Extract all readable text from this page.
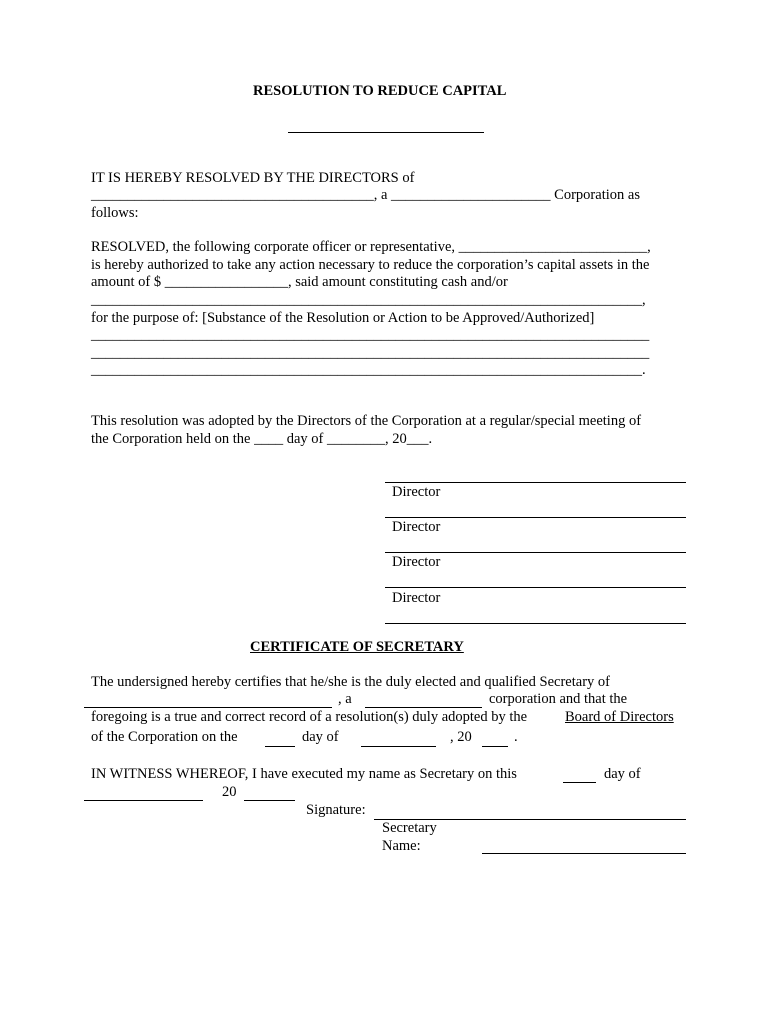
RESOLUTION TO REDUCE CAPITAL
IT IS HEREBY RESOLVED BY THE DIRECTORS of
_______________________________________, a ______________________ Corporation as
follows:
RESOLVED, the following corporate officer or representative, __________________________,
is hereby authorized to take any action necessary to reduce the corporation’s capital assets in the
amount of $ _________________, said amount constituting cash and/or
____________________________________________________________________________,
for the purpose of: [Substance of the Resolution or Action to be Approved/Authorized]
_____________________________________________________________________________
_____________________________________________________________________________
____________________________________________________________________________.
This resolution was adopted by the Directors of the Corporation at a regular/special meeting of
the Corporation held on the ____ day of ________, 20___.
Director
Director
Director
Director
CERTIFICATE OF SECRETARY
The undersigned hereby certifies that he/she is the duly elected and qualified Secretary of
, a	corporation and that the
foregoing is a true and correct record of a resolution(s) duly adopted by the	Board of Directors
of the Corporation on the	day of	, 20	.
IN WITNESS WHEREOF, I have executed my name as Secretary on this	day of
20
Signature:
Secretary
Name:
